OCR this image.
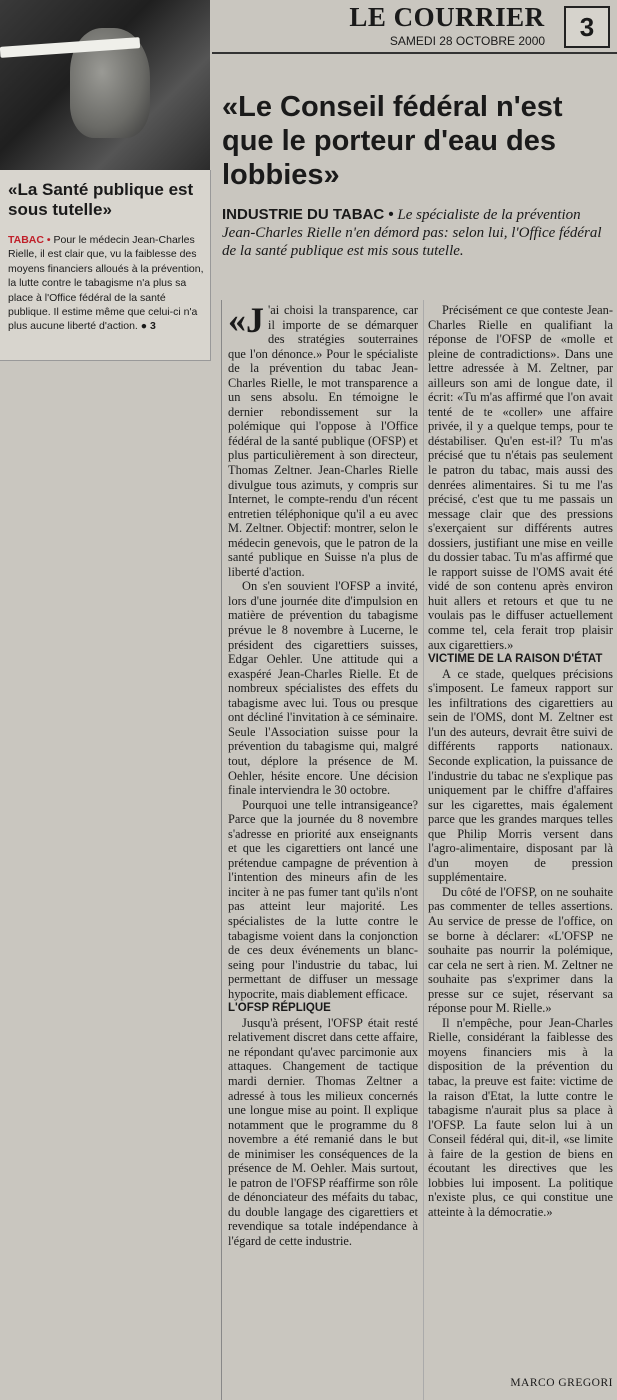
«La Santé publique est sous tutelle»
TABAC • Pour le médecin Jean-Charles Rielle, il est clair que, vu la faiblesse des moyens financiers alloués à la prévention, la lutte contre le tabagisme n'a plus sa place à l'Office fédéral de la santé publique. Il estime même que celui-ci n'a plus aucune liberté d'action. ● 3
LE COURRIER
SAMEDI 28 OCTOBRE 2000	3
«Le Conseil fédéral n'est que le porteur d'eau des lobbies»
INDUSTRIE DU TABAC • Le spécialiste de la prévention Jean-Charles Rielle n'en démord pas: selon lui, l'Office fédéral de la santé publique est mis sous tutelle.

«J 'ai choisi la transparence, car il importe de se démarquer des stratégies souterraines que l'on dénonce.» Pour le spécialiste de la prévention du tabac Jean-Charles Rielle, le mot transparence a un sens absolu. En témoigne le dernier rebondissement sur la polémique qui l'oppose à l'Office fédéral de la santé publique (OFSP) et plus particulièrement à son directeur, Thomas Zeltner. Jean-Charles Rielle divulgue tous azimuts, y compris sur Internet, le compte-rendu d'un récent entretien téléphonique qu'il a eu avec M. Zeltner. Objectif: montrer, selon le médecin genevois, que le patron de la santé publique en Suisse n'a plus de liberté d'action.

On s'en souvient l'OFSP a invité, lors d'une journée dite d'impulsion en matière de prévention du tabagisme prévue le 8 novembre à Lucerne, le président des cigarettiers suisses, Edgar Oehler. Une attitude qui a exaspéré Jean-Charles Rielle. Et de nombreux spécialistes des effets du tabagisme avec lui. Tous ou presque ont décliné l'invitation à ce séminaire. Seule l'Association suisse pour la prévention du tabagisme qui, malgré tout, déplore la présence de M. Oehler, hésite encore. Une décision finale interviendra le 30 octobre.

Pourquoi une telle intransigeance? Parce que la journée du 8 novembre s'adresse en priorité aux enseignants et que les cigarettiers ont lancé une prétendue campagne de prévention à l'intention des mineurs afin de les inciter à ne pas fumer tant qu'ils n'ont pas atteint leur majorité. Les spécialistes de la lutte contre le tabagisme voient dans la conjonction de ces deux événements un blanc-seing pour l'industrie du tabac, lui permettant de diffuser un message hypocrite, mais diablement efficace.

L'OFSP RÉPLIQUE

Jusqu'à présent, l'OFSP était resté relativement discret dans cette affaire, ne répondant qu'avec parcimonie aux attaques. Changement de tactique mardi dernier. Thomas Zeltner a adressé à tous les milieux concernés une longue mise au point. Il explique notamment que le programme du 8 novembre a été remanié dans le but de minimiser les conséquences de la présence de M. Oehler. Mais surtout, le patron de l'OFSP réaffirme son rôle de dénonciateur des méfaits du tabac, du double langage des cigarettiers et revendique sa totale indépendance à l'égard de cette industrie.

Précisément ce que conteste Jean-Charles Rielle en qualifiant la réponse de l'OFSP de «molle et pleine de contradictions». Dans une lettre adressée à M. Zeltner, par ailleurs son ami de longue date, il écrit: «Tu m'as affirmé que l'on avait tenté de te «coller» une affaire privée, il y a quelque temps, pour te déstabiliser. Qu'en est-il? Tu m'as précisé que tu n'étais pas seulement le patron du tabac, mais aussi des denrées alimentaires. Si tu me l'as précisé, c'est que tu me passais un message clair que des pressions s'exerçaient sur différents autres dossiers, justifiant une mise en veille du dossier tabac. Tu m'as affirmé que le rapport suisse de l'OMS avait été vidé de son contenu après environ huit allers et retours et que tu ne voulais pas le diffuser actuellement comme tel, cela ferait trop plaisir aux cigarettiers.»

VICTIME DE LA RAISON D'ÉTAT

A ce stade, quelques précisions s'imposent. Le fameux rapport sur les infiltrations des cigarettiers au sein de l'OMS, dont M. Zeltner est l'un des auteurs, devrait être suivi de différents rapports nationaux. Seconde explication, la puissance de l'industrie du tabac ne s'explique pas uniquement par le chiffre d'affaires sur les cigarettes, mais également parce que les grandes marques telles que Philip Morris versent dans l'agro-alimentaire, disposant par là d'un moyen de pression supplémentaire.

Du côté de l'OFSP, on ne souhaite pas commenter de telles assertions. Au service de presse de l'office, on se borne à déclarer: «L'OFSP ne souhaite pas nourrir la polémique, car cela ne sert à rien. M. Zeltner ne souhaite pas s'exprimer dans la presse sur ce sujet, réservant sa réponse pour M. Rielle.»

Il n'empêche, pour Jean-Charles Rielle, considérant la faiblesse des moyens financiers mis à la disposition de la prévention du tabac, la preuve est faite: victime de la raison d'Etat, la lutte contre le tabagisme n'aurait plus sa place à l'OFSP. La faute selon lui à un Conseil fédéral qui, dit-il, «se limite à faire de la gestion de biens en écoutant les directives que les lobbies lui imposent. La politique n'existe plus, ce qui constitue une atteinte à la démocratie.»

MARCO GREGORI
